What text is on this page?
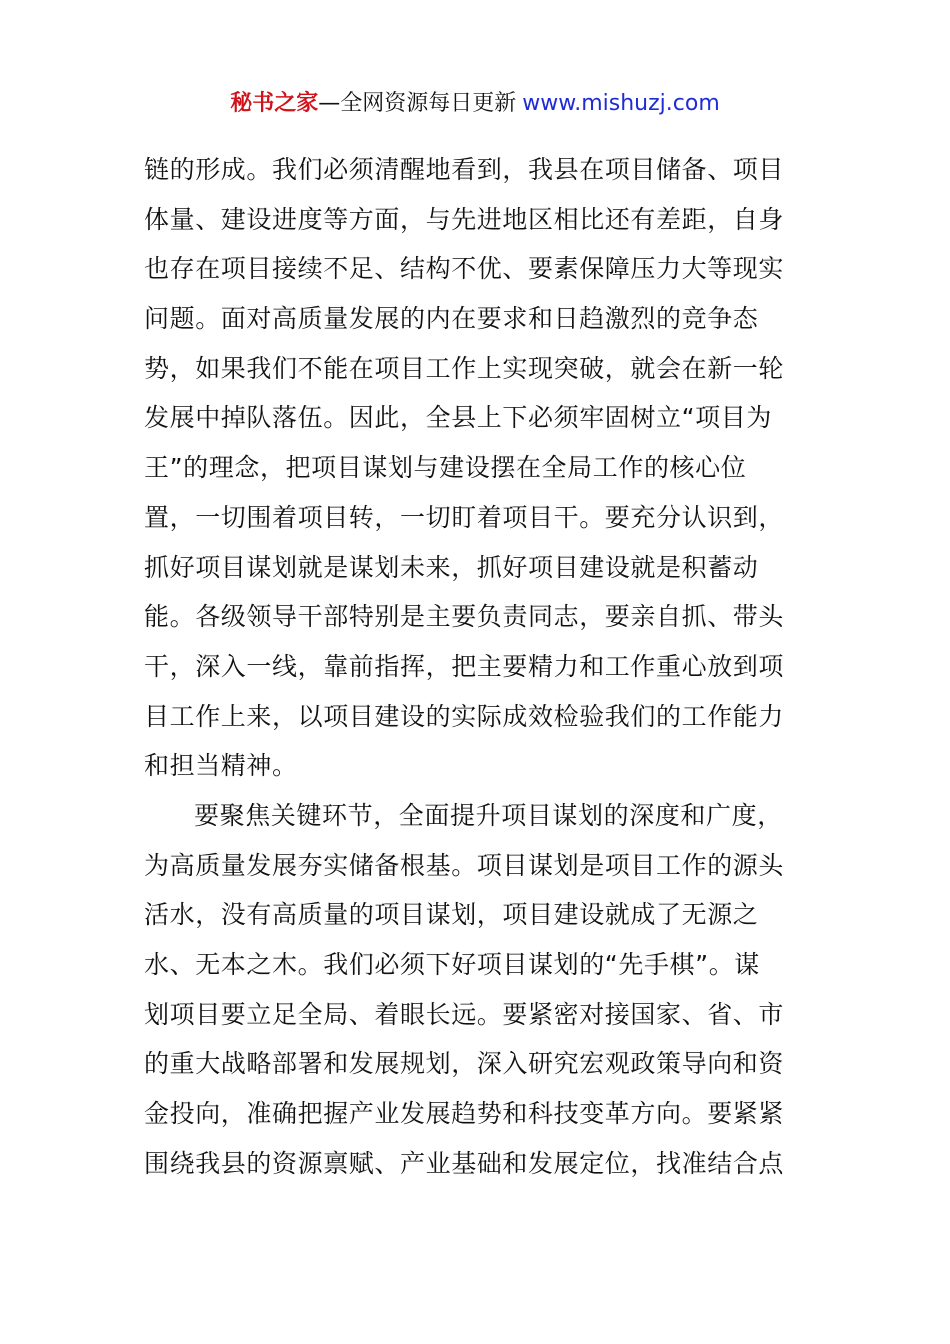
秘书之家—全网资源每日更新 www.mishuzj.com
链的形成。我们必须清醒地看到，我县在项目储备、项目
体量、建设进度等方面，与先进地区相比还有差距，自身
也存在项目接续不足、结构不优、要素保障压力大等现实
问题。面对高质量发展的内在要求和日趋激烈的竞争态
势，如果我们不能在项目工作上实现突破，就会在新一轮
发展中掉队落伍。因此，全县上下必须牢固树立“项目为
王”的理念，把项目谋划与建设摆在全局工作的核心位
置，一切围着项目转，一切盯着项目干。要充分认识到，
抓好项目谋划就是谋划未来，抓好项目建设就是积蓄动
能。各级领导干部特别是主要负责同志，要亲自抓、带头
干，深入一线，靠前指挥，把主要精力和工作重心放到项
目工作上来，以项目建设的实际成效检验我们的工作能力
和担当精神。
要聚焦关键环节，全面提升项目谋划的深度和广度，
为高质量发展夯实储备根基。项目谋划是项目工作的源头
活水，没有高质量的项目谋划，项目建设就成了无源之
水、无本之木。我们必须下好项目谋划的“先手棋”。谋
划项目要立足全局、着眼长远。要紧密对接国家、省、市
的重大战略部署和发展规划，深入研究宏观政策导向和资
金投向，准确把握产业发展趋势和科技变革方向。要紧紧
围绕我县的资源禀赋、产业基础和发展定位，找准结合点
